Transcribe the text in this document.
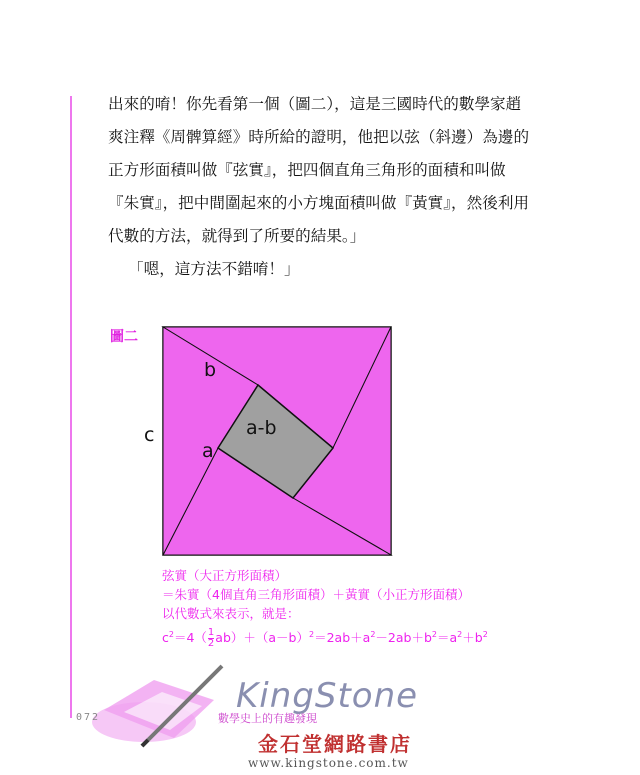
出來的唷！你先看第一個（圖二），這是三國時代的數學家趙
爽注釋《周髀算經》時所給的證明，他把以弦（斜邊）為邊的
正方形面積叫做『弦實』，把四個直角三角形的面積和叫做
『朱實』，把中間圍起來的小方塊面積叫做『黃實』，然後利用
代數的方法，就得到了所要的結果。」
「嗯，這方法不錯唷！」
圖二
b
c
a
a-b
弦實（大正方形面積）
＝朱實（4個直角三角形面積）＋黃實（小正方形面積）
以代數式來表示，就是：
$c^2=4( \frac{1}{2} ab)+(a-b)^2=2ab+a^2-2ab+b^2=a^2+b^2$
072	數學史上的有趣發現
KingStone
金石堂網路書店
www.kingstone.com.tw
